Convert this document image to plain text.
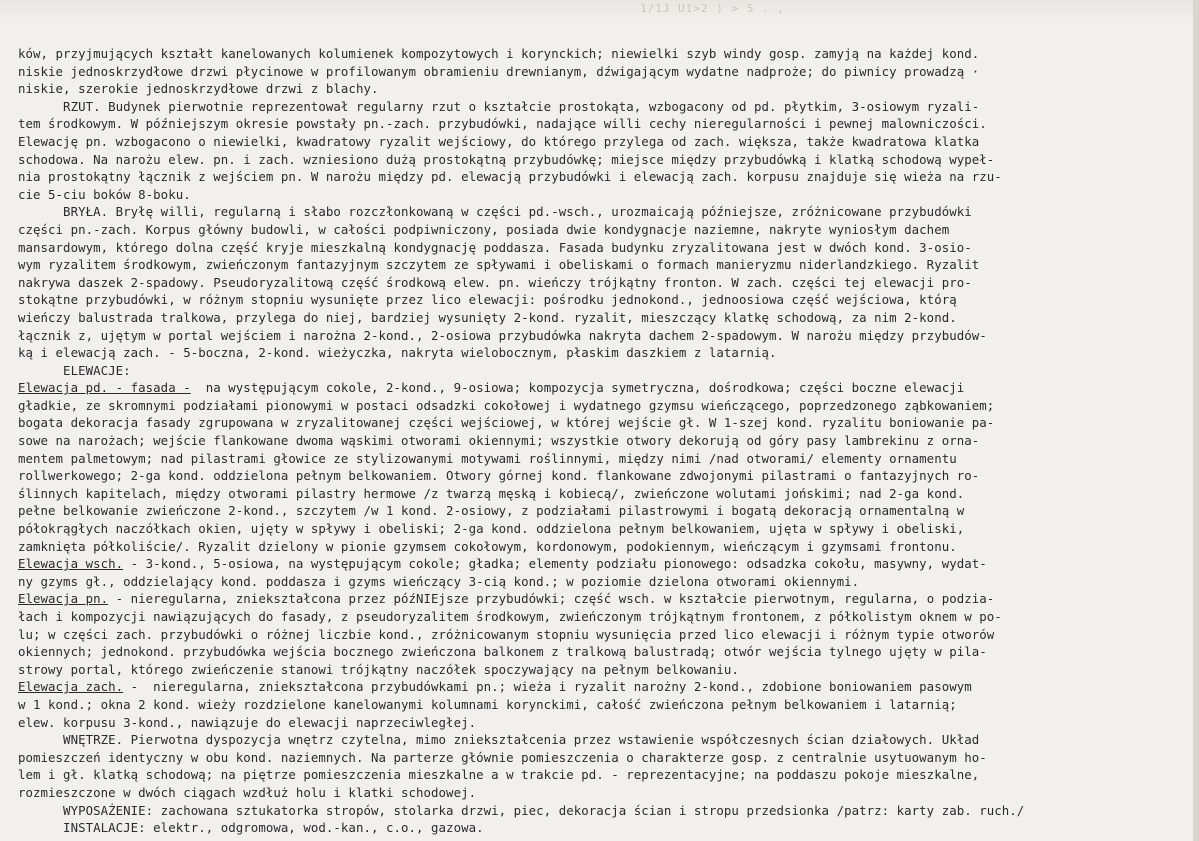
1/1J U1>2 ) > 5 . ,
ków, przyjmujących kształt kanelowanych kolumienek kompozytowych i korynckich; niewielki szyb windy gosp. zamyją na każdej kond.
niskie jednoskrzydłowe drzwi płycinowe w profilowanym obramieniu drewnianym, dźwigającym wydatne nadproże; do piwnicy prowadzą ·
niskie, szerokie jednoskrzydłowe drzwi z blachy.
RZUT. Budynek pierwotnie reprezentował regularny rzut o kształcie prostokąta, wzbogacony od pd. płytkim, 3-osiowym ryzali-
tem środkowym. W późniejszym okresie powstały pn.-zach. przybudówki, nadające willi cechy nieregularności i pewnej malowniczości.
Elewację pn. wzbogacono o niewielki, kwadratowy ryzalit wejściowy, do którego przylega od zach. większa, także kwadratowa klatka
schodowa. Na narożu elew. pn. i zach. wzniesiono dużą prostokątną przybudówkę; miejsce między przybudówką i klatką schodową wypeł-
nia prostokątny łącznik z wejściem pn. W narożu między pd. elewacją przybudówki i elewacją zach. korpusu znajduje się wieża na rzu-
cie 5-ciu boków 8-boku.
BRYŁA. Bryłę willi, regularną i słabo rozczłonkowaną w części pd.-wsch., urozmaicają późniejsze, zróżnicowane przybudówki
części pn.-zach. Korpus główny budowli, w całości podpiwniczony, posiada dwie kondygnacje naziemne, nakryte wyniosłym dachem
mansardowym, którego dolna część kryje mieszkalną kondygnację poddasza. Fasada budynku zryzalitowana jest w dwóch kond. 3-osio-
wym ryzalitem środkowym, zwieńczonym fantazyjnym szczytem ze spływami i obeliskami o formach manieryzmu niderlandzkiego. Ryzalit
nakrywa daszek 2-spadowy. Pseudoryzalitową część środkową elew. pn. wieńczy trójkątny fronton. W zach. części tej elewacji pro-
stokątne przybudówki, w różnym stopniu wysunięte przez lico elewacji: pośrodku jednokond., jednoosiowa część wejściowa, którą
wieńczy balustrada tralkowa, przylega do niej, bardziej wysunięty 2-kond. ryzalit, mieszczący klatkę schodową, za nim 2-kond.
łącznik z, ujętym w portal wejściem i narożna 2-kond., 2-osiowa przybudówka nakryta dachem 2-spadowym. W narożu między przybudów-
ką i elewacją zach. - 5-boczna, 2-kond. wieżyczka, nakryta wielobocznym, płaskim daszkiem z latarnią.
ELEWACJE:
Elewacja pd. - fasada -  na występującym cokole, 2-kond., 9-osiowa; kompozycja symetryczna, dośrodkowa; części boczne elewacji
gładkie, ze skromnymi podziałami pionowymi w postaci odsadzki cokołowej i wydatnego gzymsu wieńczącego, poprzedzonego ząbkowaniem;
bogata dekoracja fasady zgrupowana w zryzalitowanej części wejściowej, w której wejście gł. W 1-szej kond. ryzalitu boniowanie pa-
sowe na narożach; wejście flankowane dwoma wąskimi otworami okiennymi; wszystkie otwory dekorują od góry pasy lambrekinu z orna-
mentem palmetowym; nad pilastrami głowice ze stylizowanymi motywami roślinnymi, między nimi /nad otworami/ elementy ornamentu
rollwerkowego; 2-ga kond. oddzielona pełnym belkowaniem. Otwory górnej kond. flankowane zdwojonymi pilastrami o fantazyjnych ro-
ślinnych kapitelach, między otworami pilastry hermowe /z twarzą męską i kobiecą/, zwieńczone wolutami jońskimi; nad 2-ga kond.
pełne belkowanie zwieńczone 2-kond., szczytem /w 1 kond. 2-osiowy, z podziałami pilastrowymi i bogatą dekoracją ornamentalną w
półokrągłych naczółkach okien, ujęty w spływy i obeliski; 2-ga kond. oddzielona pełnym belkowaniem, ujęta w spływy i obeliski,
zamknięta półkoliście/. Ryzalit dzielony w pionie gzymsem cokołowym, kordonowym, podokiennym, wieńczącym i gzymsami frontonu.
Elewacja wsch. - 3-kond., 5-osiowa, na występującym cokole; gładka; elementy podziału pionowego: odsadzka cokołu, masywny, wydat-
ny gzyms gł., oddzielający kond. poddasza i gzyms wieńczący 3-cią kond.; w poziomie dzielona otworami okiennymi.
Elewacja pn. - nieregularna, zniekształcona przez późNIEjsze przybudówki; część wsch. w kształcie pierwotnym, regularna, o podzia-
łach i kompozycji nawiązujących do fasady, z pseudoryzalitem środkowym, zwieńczonym trójkątnym frontonem, z półkolistym oknem w po-
lu; w części zach. przybudówki o różnej liczbie kond., zróżnicowanym stopniu wysunięcia przed lico elewacji i różnym typie otworów
okiennych; jednokond. przybudówka wejścia bocznego zwieńczona balkonem z tralkową balustradą; otwór wejścia tylnego ujęty w pila-
strowy portal, którego zwieńczenie stanowi trójkątny naczółek spoczywający na pełnym belkowaniu.
Elewacja zach. -  nieregularna, zniekształcona przybudówkami pn.; wieża i ryzalit narożny 2-kond., zdobione boniowaniem pasowym
w 1 kond.; okna 2 kond. wieży rozdzielone kanelowanymi kolumnami korynckimi, całość zwieńczona pełnym belkowaniem i latarnią;
elew. korpusu 3-kond., nawiązuje do elewacji naprzeciwległej.
WNĘTRZE. Pierwotna dyspozycja wnętrz czytelna, mimo zniekształcenia przez wstawienie współczesnych ścian działowych. Układ
pomieszczeń identyczny w obu kond. naziemnych. Na parterze głównie pomieszczenia o charakterze gosp. z centralnie usytuowanym ho-
lem i gł. klatką schodową; na piętrze pomieszczenia mieszkalne a w trakcie pd. - reprezentacyjne; na poddaszu pokoje mieszkalne,
rozmieszczone w dwóch ciągach wzdłuż holu i klatki schodowej.
WYPOSAŻENIE: zachowana sztukatorka stropów, stolarka drzwi, piec, dekoracja ścian i stropu przedsionka /patrz: karty zab. ruch./
INSTALACJE: elektr., odgromowa, wod.-kan., c.o., gazowa.
